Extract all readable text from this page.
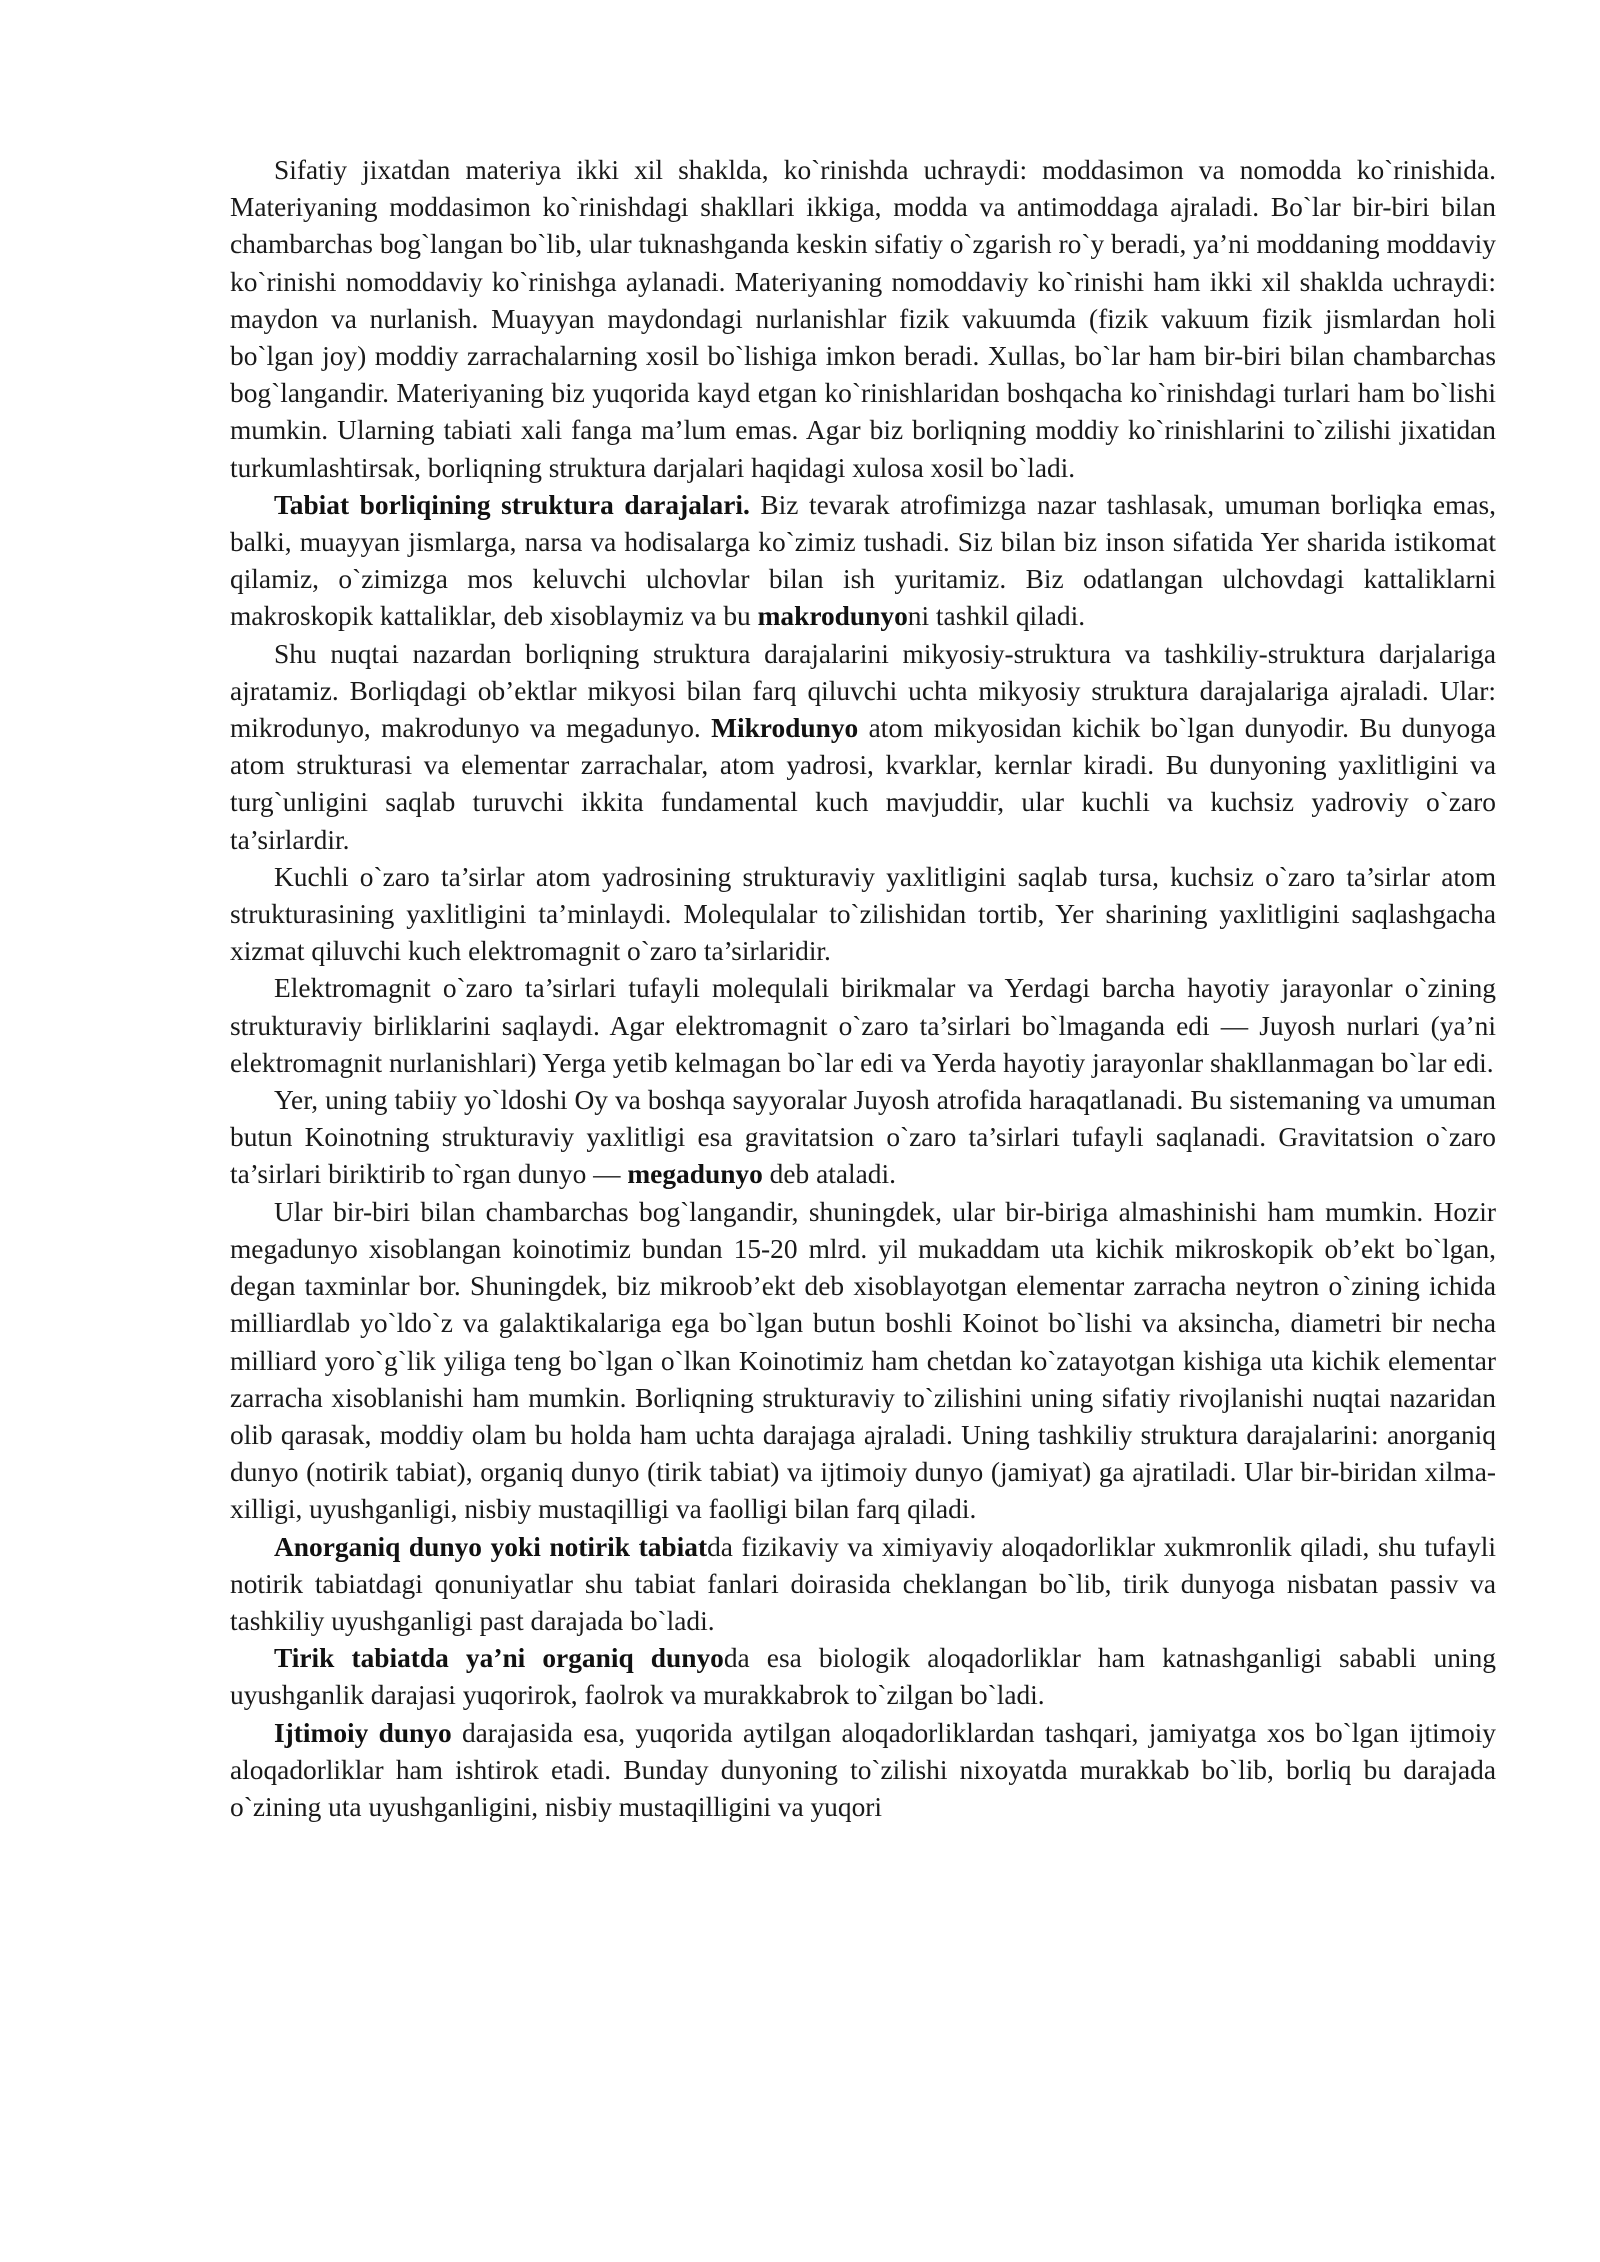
Sifatiy jixatdan materiya ikki xil shaklda, ko`rinishda uchraydi: moddasimon va nomodda ko`rinishida. Materiyaning moddasimon ko`rinishdagi shakllari ikkiga, modda va antimoddaga ajraladi. Bo`lar bir-biri bilan chambarchas bog`langan bo`lib, ular tuknashganda keskin sifatiy o`zgarish ro`y beradi, ya’ni moddaning moddaviy ko`rinishi nomoddaviy ko`rinishga aylanadi. Materiyaning nomoddaviy ko`rinishi ham ikki xil shaklda uchraydi: maydon va nurlanish. Muayyan maydondagi nurlanishlar fizik vakuumda (fizik vakuum fizik jismlardan holi bo`lgan joy) moddiy zarrachalarning xosil bo`lishiga imkon beradi. Xullas, bo`lar ham bir-biri bilan chambarchas bog`langandir. Materiyaning biz yuqorida kayd etgan ko`rinishlaridan boshqacha ko`rinishdagi turlari ham bo`lishi mumkin. Ularning tabiati xali fanga ma’lum emas. Agar biz borliqning moddiy ko`rinishlarini to`zilishi jixatidan turkumlashtirsak, borliqning struktura darjalari haqidagi xulosa xosil bo`ladi.

Tabiat borliqining struktura darajalari. Biz tevarak atrofimizga nazar tashlasak, umuman borliqka emas, balki, muayyan jismlarga, narsa va hodisalarga ko`zimiz tushadi. Siz bilan biz inson sifatida Yer sharida istikomat qilamiz, o`zimizga mos keluvchi ulchovlar bilan ish yuritamiz. Biz odatlangan ulchovdagi kattaliklarni makroskopik kattaliklar, deb xisoblaymiz va bu makrodunyoni tashkil qiladi.

Shu nuqtai nazardan borliqning struktura darajalarini mikyosiy-struktura va tashkiliy-struktura darjalariga ajratamiz. Borliqdagi ob’ektlar mikyosi bilan farq qiluvchi uchta mikyosiy struktura darajalariga ajraladi. Ular: mikrodunyo, makrodunyo va megadunyo. Mikrodunyo atom mikyosidan kichik bo`lgan dunyodir. Bu dunyoga atom strukturasi va elementar zarrachalar, atom yadrosi, kvarklar, kernlar kiradi. Bu dunyoning yaxlitligini va turg`unligini saqlab turuvchi ikkita fundamental kuch mavjuddir, ular kuchli va kuchsiz yadroviy o`zaro ta’sirlardir.

Kuchli o`zaro ta’sirlar atom yadrosining strukturaviy yaxlitligini saqlab tursa, kuchsiz o`zaro ta’sirlar atom strukturasining yaxlitligini ta’minlaydi. Molequlalar to`zilishidan tortib, Yer sharining yaxlitligini saqlashgacha xizmat qiluvchi kuch elektromagnit o`zaro ta’sirlaridir.

Elektromagnit o`zaro ta’sirlari tufayli molequlali birikmalar va Yerdagi barcha hayotiy jarayonlar o`zining strukturaviy birliklarini saqlaydi. Agar elektromagnit o`zaro ta’sirlari bo`lmaganda edi — Juyosh nurlari (ya’ni elektromagnit nurlanishlari) Yerga yetib kelmagan bo`lar edi va Yerda hayotiy jarayonlar shakllanmagan bo`lar edi.

Yer, uning tabiiy yo`ldoshi Oy va boshqa sayyoralar Juyosh atrofida haraqatlanadi. Bu sistemaning va umuman butun Koinotning strukturaviy yaxlitligi esa gravitatsion o`zaro ta’sirlari tufayli saqlanadi. Gravitatsion o`zaro ta’sirlari biriktirib to`rgan dunyo — megadunyo deb ataladi.

Ular bir-biri bilan chambarchas bog`langandir, shuningdek, ular bir-biriga almashinishi ham mumkin. Hozir megadunyo xisoblangan koinotimiz bundan 15-20 mlrd. yil mukaddam uta kichik mikroskopik ob’ekt bo`lgan, degan taxminlar bor. Shuningdek, biz mikroob’ekt deb xisoblayotgan elementar zarracha neytron o`zining ichida milliardlab yo`ldo`z va galaktikalariga ega bo`lgan butun boshli Koinot bo`lishi va aksincha, diametri bir necha milliard yoro`g`lik yiliga teng bo`lgan o`lkan Koinotimiz ham chetdan ko`zatayotgan kishiga uta kichik elementar zarracha xisoblanishi ham mumkin. Borliqning strukturaviy to`zilishini uning sifatiy rivojlanishi nuqtai nazaridan olib qarasak, moddiy olam bu holda ham uchta darajaga ajraladi. Uning tashkiliy struktura darajalarini: anorganiq dunyo (notirik tabiat), organiq dunyo (tirik tabiat) va ijtimoiy dunyo (jamiyat) ga ajratiladi. Ular bir-biridan xilma-xilligi, uyushganligi, nisbiy mustaqilligi va faolligi bilan farq qiladi.

Anorganiq dunyo yoki notirik tabiatda fizikaviy va ximiyaviy aloqadorliklar xukmronlik qiladi, shu tufayli notirik tabiatdagi qonuniyatlar shu tabiat fanlari doirasida cheklangan bo`lib, tirik dunyoga nisbatan passiv va tashkiliy uyushganligi past darajada bo`ladi.

Tirik tabiatda ya’ni organiq dunyoda esa biologik aloqadorliklar ham katnashganligi sababli uning uyushganlik darajasi yuqorirok, faolrok va murakkabrok to`zilgan bo`ladi.

Ijtimoiy dunyo darajasida esa, yuqorida aytilgan aloqadorliklardan tashqari, jamiyatga xos bo`lgan ijtimoiy aloqadorliklar ham ishtirok etadi. Bunday dunyoning to`zilishi nixoyatda murakkab bo`lib, borliq bu darajada o`zining uta uyushganligini, nisbiy mustaqilligini va yuqori
